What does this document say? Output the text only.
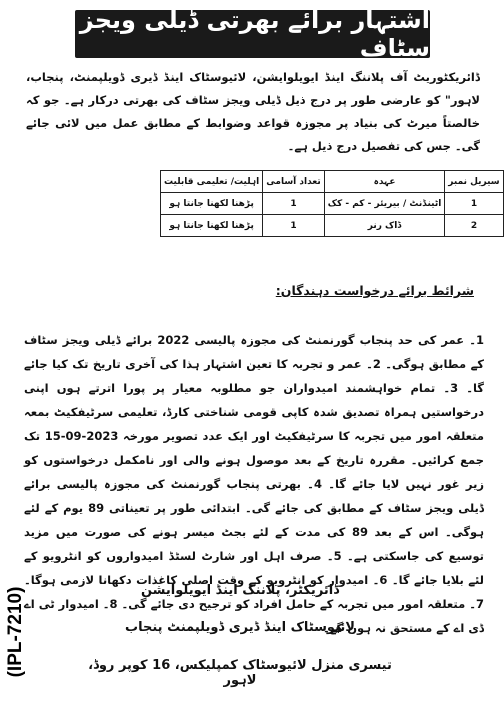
اشتہار برائے بھرتی ڈیلی ویجز سٹاف
ڈائریکٹوریٹ آف پلاننگ اینڈ ایویلوایشن، لائیوسٹاک اینڈ ڈیری ڈویلپمنٹ، پنجاب، لاہور" کو عارضی طور پر درج ذیل ڈیلی ویجز سٹاف کی بھرتی درکار ہے۔ جو کہ خالصتاً میرٹ کی بنیاد پر مجوزہ قواعد وضوابط کے مطابق عمل میں لائی جائے گی۔ جس کی تفصیل درج ذیل ہے۔
سیریل نمبر	عہدہ	تعداد آسامی	اہلیت/ تعلیمی قابلیت
1	اٹینڈنٹ / بیریئر - کم - کک	1	پڑھنا لکھنا جانتا ہو
2	ڈاک رنر	1	پڑھنا لکھنا جانتا ہو
شرائط برائے درخواست دہندگان:
1۔ عمر کی حد پنجاب گورنمنٹ کی مجوزہ پالیسی 2022 برائے ڈیلی ویجز سٹاف کے مطابق ہوگی۔ 2۔ عمر و تجربہ کا تعین اشتہار ہذا کی آخری تاریخ تک کیا جائے گا۔ 3۔ تمام خواہشمند امیدواران جو مطلوبہ معیار پر پورا اترتے ہوں اپنی درخواستیں ہمراہ تصدیق شدہ کاپی قومی شناختی کارڈ، تعلیمی سرٹیفکیٹ بمعہ متعلقہ امور میں تجربہ کا سرٹیفکیٹ اور ایک عدد تصویر مورخہ 2023-09-15 تک جمع کرائیں۔ مقررہ تاریخ کے بعد موصول ہونے والی اور نامکمل درخواستوں کو زیر غور نہیں لایا جائے گا۔ 4۔ بھرتی پنجاب گورنمنٹ کی مجوزہ پالیسی برائے ڈیلی ویجز سٹاف کے مطابق کی جائے گی۔ ابتدائی طور پر تعیناتی 89 یوم کے لئے ہوگی۔ اس کے بعد 89 کی مدت کے لئے بجٹ میسر ہونے کی صورت میں مزید توسیع کی جاسکتی ہے۔ 5۔ صرف اہل اور شارٹ لسٹڈ امیدواروں کو انٹرویو کے لئے بلایا جائے گا۔ 6۔ امیدوار کو انٹرویو کے وقت اصلی کاغذات دکھانا لازمی ہوگا۔ 7۔ متعلقہ امور میں تجربہ کے حامل افراد کو ترجیح دی جائے گی۔ 8۔ امیدوار ٹی اے ڈی اے کے مستحق نہ ہوں گے۔
ڈائریکٹر، پلاننگ اینڈ ایویلوایشن
لائیوسٹاک اینڈ ڈیری ڈویلپمنٹ پنجاب
تیسری منزل لائیوسٹاک کمپلیکس، 16 کوپر روڈ، لاہور
(IPL-7210)
